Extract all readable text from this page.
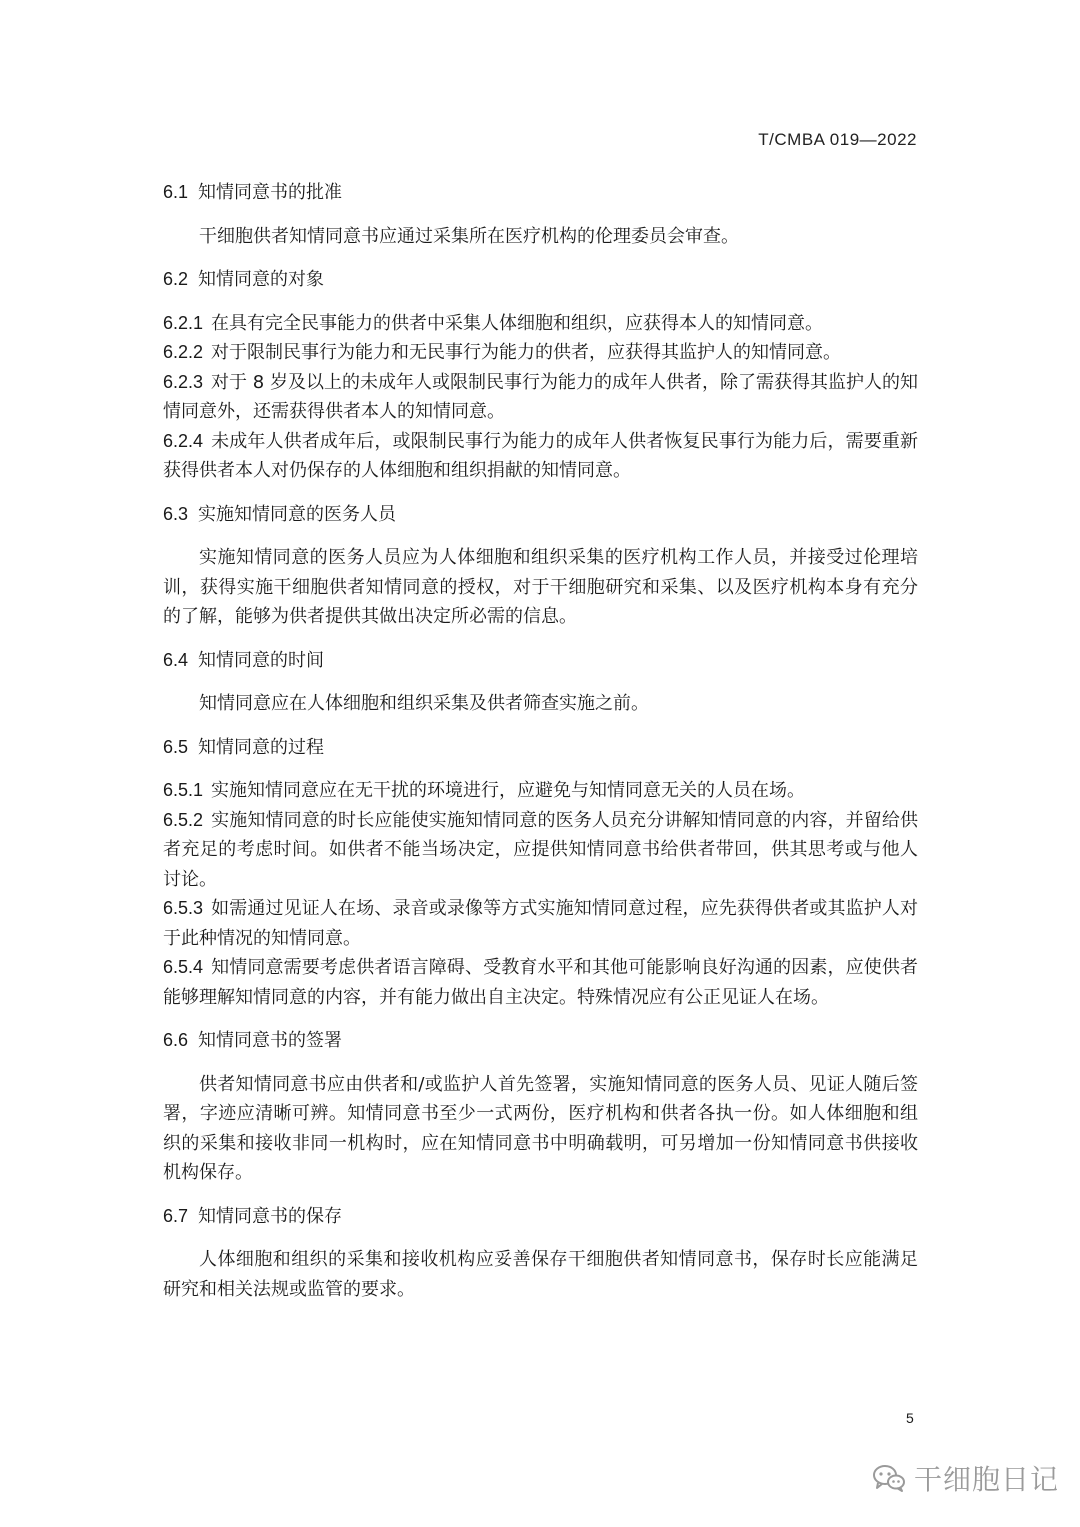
T/CMBA 019—2022
6.1 知情同意书的批准

干细胞供者知情同意书应通过采集所在医疗机构的伦理委员会审查。

6.2 知情同意的对象

6.2.1 在具有完全民事能力的供者中采集人体细胞和组织，应获得本人的知情同意。

6.2.2 对于限制民事行为能力和无民事行为能力的供者，应获得其监护人的知情同意。

6.2.3 对于 8 岁及以上的未成年人或限制民事行为能力的成年人供者，除了需获得其监护人的知情同意外，还需获得供者本人的知情同意。

6.2.4 未成年人供者成年后，或限制民事行为能力的成年人供者恢复民事行为能力后，需要重新获得供者本人对仍保存的人体细胞和组织捐献的知情同意。

6.3 实施知情同意的医务人员

实施知情同意的医务人员应为人体细胞和组织采集的医疗机构工作人员，并接受过伦理培训，获得实施干细胞供者知情同意的授权，对于干细胞研究和采集、以及医疗机构本身有充分的了解，能够为供者提供其做出决定所必需的信息。

6.4 知情同意的时间

知情同意应在人体细胞和组织采集及供者筛查实施之前。

6.5 知情同意的过程

6.5.1 实施知情同意应在无干扰的环境进行，应避免与知情同意无关的人员在场。

6.5.2 实施知情同意的时长应能使实施知情同意的医务人员充分讲解知情同意的内容，并留给供者充足的考虑时间。如供者不能当场决定，应提供知情同意书给供者带回，供其思考或与他人讨论。

6.5.3 如需通过见证人在场、录音或录像等方式实施知情同意过程，应先获得供者或其监护人对于此种情况的知情同意。

6.5.4 知情同意需要考虑供者语言障碍、受教育水平和其他可能影响良好沟通的因素，应使供者能够理解知情同意的内容，并有能力做出自主决定。特殊情况应有公正见证人在场。

6.6 知情同意书的签署

供者知情同意书应由供者和/或监护人首先签署，实施知情同意的医务人员、见证人随后签署，字迹应清晰可辨。知情同意书至少一式两份，医疗机构和供者各执一份。如人体细胞和组织的采集和接收非同一机构时，应在知情同意书中明确载明，可另增加一份知情同意书供接收机构保存。

6.7 知情同意书的保存

人体细胞和组织的采集和接收机构应妥善保存干细胞供者知情同意书，保存时长应能满足研究和相关法规或监管的要求。

5
干细胞日记
